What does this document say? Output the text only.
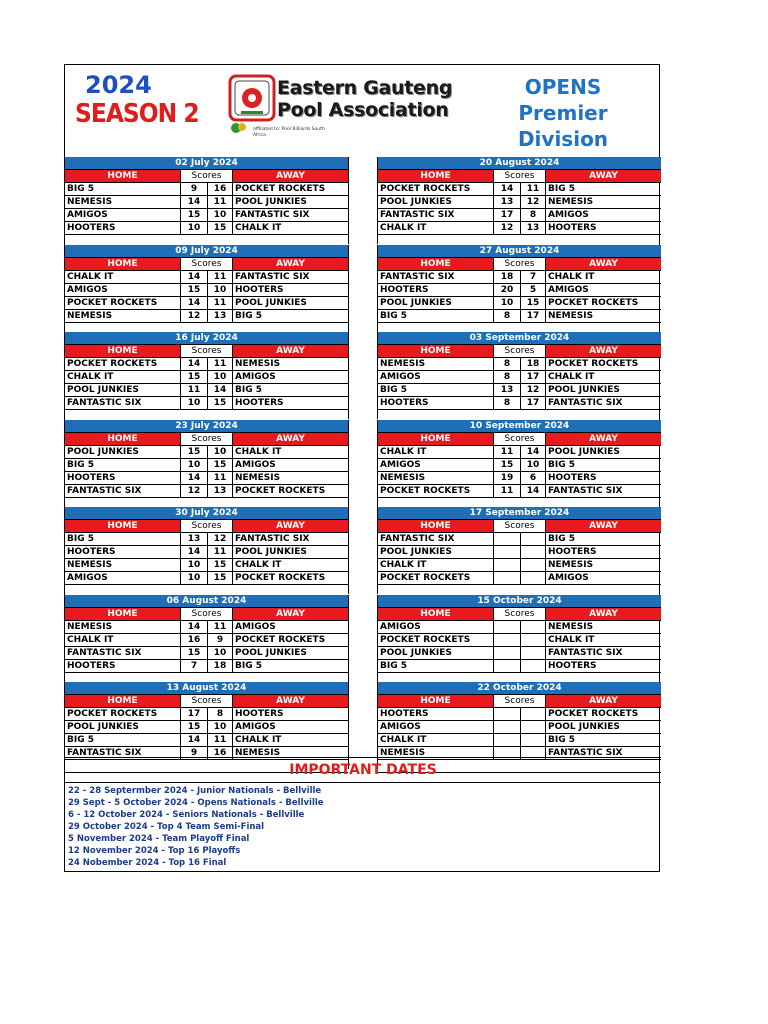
2024
SEASON 2
Eastern Gauteng
Pool Association
affiliated to: Pool Billiards South Africa
OPENS
Premier
Division
02 July 2024
HOME	Scores	AWAY
BIG 5	9	16 POCKET ROCKETS
NEMESIS	14	11 POOL JUNKIES
AMIGOS	15	10 FANTASTIC SIX
HOOTERS	10	15 CHALK IT
09 July 2024
HOME	Scores	AWAY
CHALK IT	14	11 FANTASTIC SIX
AMIGOS	15	10 HOOTERS
POCKET ROCKETS	14	11 POOL JUNKIES
NEMESIS	12	13 BIG 5
16 July 2024
HOME	Scores	AWAY
POCKET ROCKETS	14	11 NEMESIS
CHALK IT	15	10 AMIGOS
POOL JUNKIES	11	14 BIG 5
FANTASTIC SIX	10	15 HOOTERS
23 July 2024
HOME	Scores	AWAY
POOL JUNKIES	15	10 CHALK IT
BIG 5	10	15 AMIGOS
HOOTERS	14	11 NEMESIS
FANTASTIC SIX	12	13 POCKET ROCKETS
30 July 2024
HOME	Scores	AWAY
BIG 5	13	12 FANTASTIC SIX
HOOTERS	14	11 POOL JUNKIES
NEMESIS	10	15 CHALK IT
AMIGOS	10	15 POCKET ROCKETS
06 August 2024
HOME	Scores	AWAY
NEMESIS	14	11 AMIGOS
CHALK IT	16	9	POCKET ROCKETS
FANTASTIC SIX	15	10 POOL JUNKIES
HOOTERS	7	18 BIG 5
13 August 2024
HOME	Scores	AWAY
POCKET ROCKETS	17	8	HOOTERS
POOL JUNKIES	15	10 AMIGOS
BIG 5	14	11 CHALK IT
FANTASTIC SIX	9	16 NEMESIS
20 August 2024
HOME	Scores	AWAY
POCKET ROCKETS	14	11 BIG 5
POOL JUNKIES	13	12 NEMESIS
FANTASTIC SIX	17	8	AMIGOS
CHALK IT	12	13 HOOTERS
27 August 2024
HOME	Scores	AWAY
FANTASTIC SIX	18	7	CHALK IT
HOOTERS	20	5	AMIGOS
POOL JUNKIES	10	15 POCKET ROCKETS
BIG 5	8	17 NEMESIS
03 September 2024
HOME	Scores	AWAY
NEMESIS	8	18 POCKET ROCKETS
AMIGOS	8	17 CHALK IT
BIG 5	13	12 POOL JUNKIES
HOOTERS	8	17 FANTASTIC SIX
10 September 2024
HOME	Scores	AWAY
CHALK IT	11	14 POOL JUNKIES
AMIGOS	15	10 BIG 5
NEMESIS	19	6	HOOTERS
POCKET ROCKETS	11	14 FANTASTIC SIX
17 September 2024
HOME	Scores	AWAY
FANTASTIC SIX	BIG 5
POOL JUNKIES	HOOTERS
CHALK IT	NEMESIS
POCKET ROCKETS	AMIGOS
15 October 2024
HOME	Scores	AWAY
AMIGOS	NEMESIS
POCKET ROCKETS	CHALK IT
POOL JUNKIES	FANTASTIC SIX
BIG 5	HOOTERS
22 October 2024
HOME	Scores	AWAY
HOOTERS	POCKET ROCKETS
AMIGOS	POOL JUNKIES
CHALK IT	BIG 5
NEMESIS	FANTASTIC SIX
IMPORTANT DATES
22 - 28 Septermber 2024 - Junior Nationals - Bellville
29 Sept - 5 October 2024 - Opens Nationals - Bellville
6 - 12 October 2024 - Seniors Nationals - Bellville
29 October 2024 - Top 4 Team Semi-Final
5 November 2024 - Team Playoff Final
12 November 2024 - Top 16 Playoffs
24 Nobember 2024 - Top 16 Final
